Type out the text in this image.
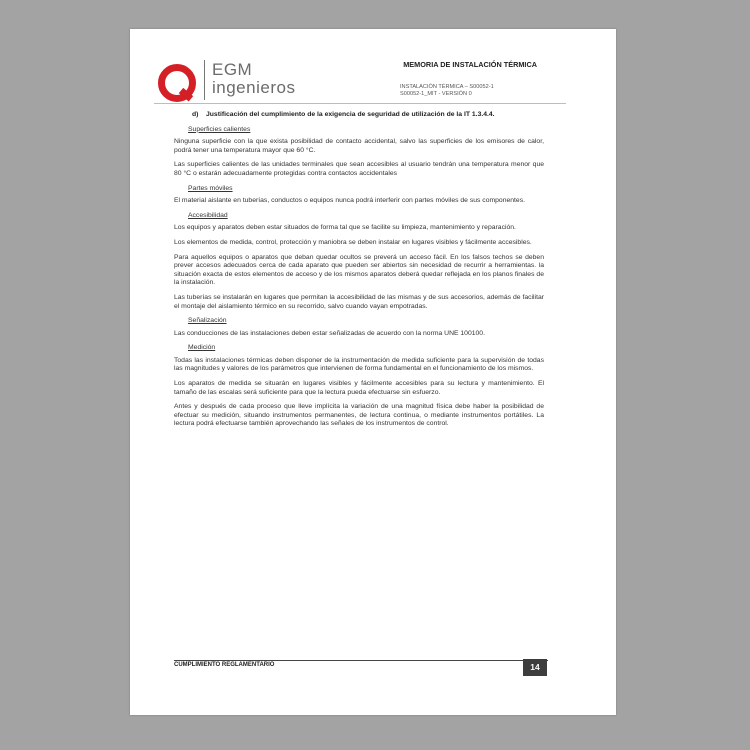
EGM
ingenieros
MEMORIA DE INSTALACIÓN TÉRMICA
INSTALACIÓN TÉRMICA – S00052-1
S00052-1_MIT - VERSIÓN 0
d)	Justificación del cumplimiento de la exigencia de seguridad de utilización de la IT 1.3.4.4.
Superficies calientes
Ninguna superficie con la que exista posibilidad de contacto accidental, salvo las superficies de los emisores de calor, podrá tener una temperatura mayor que 60 °C.
Las superficies calientes de las unidades terminales que sean accesibles al usuario tendrán una temperatura menor que 80 °C o estarán adecuadamente protegidas contra contactos accidentales
Partes móviles
El material aislante en tuberías, conductos o equipos nunca podrá interferir con partes móviles de sus componentes.
Accesibilidad
Los equipos y aparatos deben estar situados de forma tal que se facilite su limpieza, mantenimiento y reparación.
Los elementos de medida, control, protección y maniobra se deben instalar en lugares visibles y fácilmente accesibles.
Para aquellos equipos o aparatos que deban quedar ocultos se preverá un acceso fácil. En los falsos techos se deben prever accesos adecuados cerca de cada aparato que pueden ser abiertos sin necesidad de recurrir a herramientas. la situación exacta de estos elementos de acceso y de los mismos aparatos deberá quedar reflejada en los planos finales de la instalación.
Las tuberías se instalarán en lugares que permitan la accesibilidad de las mismas y de sus accesorios, además de facilitar el montaje del aislamiento térmico en su recorrido, salvo cuando vayan empotradas.
Señalización
Las conducciones de las instalaciones deben estar señalizadas de acuerdo con la norma UNE 100100.
Medición
Todas las instalaciones térmicas deben disponer de la instrumentación de medida suficiente para la supervisión de todas las magnitudes y valores de los parámetros que intervienen de forma fundamental en el funcionamiento de los mismos.
Los aparatos de medida se situarán en lugares visibles y fácilmente accesibles para su lectura y mantenimiento. El tamaño de las escalas será suficiente para que la lectura pueda efectuarse sin esfuerzo.
Antes y después de cada proceso que lleve implícita la variación de una magnitud física debe haber la posibilidad de efectuar su medición, situando instrumentos permanentes, de lectura continua, o mediante instrumentos portátiles. La lectura podrá efectuarse también aprovechando las señales de los instrumentos de control.
CUMPLIMIENTO REGLAMENTARIO	14
